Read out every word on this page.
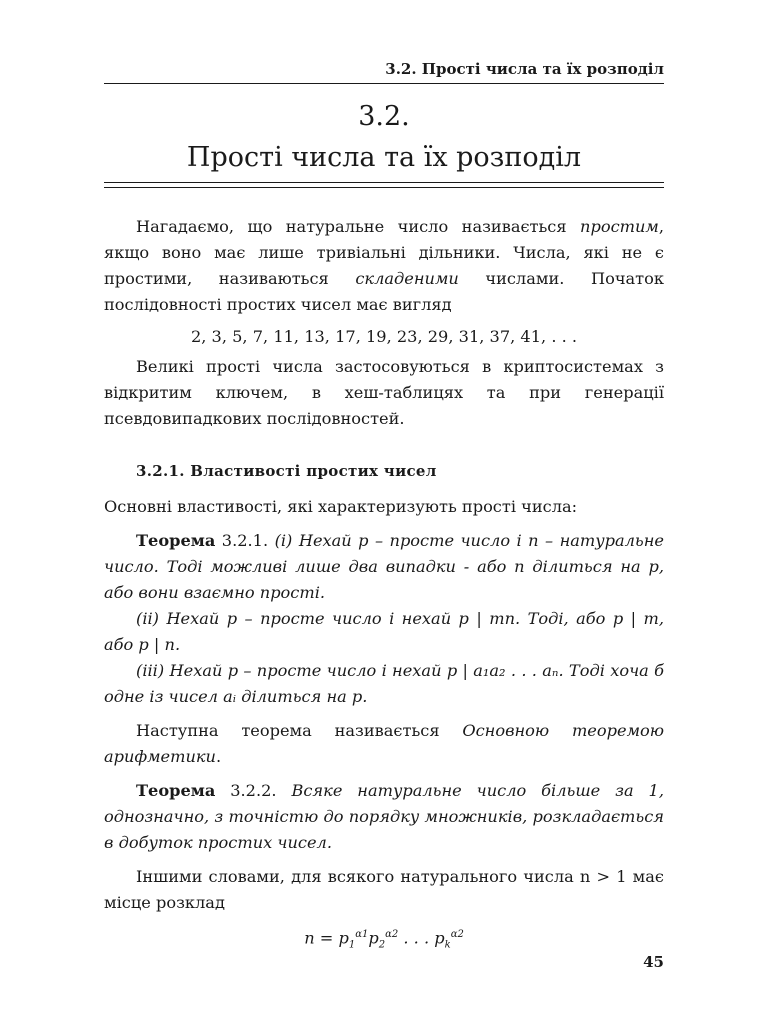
3.2. Прості числа та їх розподіл
3.2.
Прості числа та їх розподіл

Нагадаємо, що натуральне число називається простим, якщо воно має лише тривіальні дільники. Числа, які не є простими, називаються складеними числами. Початок послідовності простих чисел має вигляд

2, 3, 5, 7, 11, 13, 17, 19, 23, 29, 31, 37, 41, . . .

Великі прості числа застосовуються в криптосистемах з відкритим ключем, в хеш-таблицях та при генерації псевдовипадкових послідовностей.

3.2.1. Властивості простих чисел

Основні властивості, які характеризують прості числа:

Теорема 3.2.1. (i) Нехай p – просте число і n – натуральне число. Тоді можливі лише два випадки - або n ділиться на p, або вони взаємно прості.

(ii) Нехай p – просте число і нехай p | mn. Тоді, або p | m, або p | n.

(iii) Нехай p – просте число і нехай p | a₁a₂ . . . aₙ. Тоді хоча б одне із чисел aᵢ ділиться на p.

Наступна теорема називається Основною теоремою арифметики.

Теорема 3.2.2. Всяке натуральне число більше за 1, однозначно, з точністю до порядку множників, розкладається в добуток простих чисел.

Іншими словами, для всякого натурального числа n > 1 має місце розклад

$n = p_1^{\alpha 1}p_2^{\alpha 2}$ . . . $p_k^{\alpha 2}$
45
